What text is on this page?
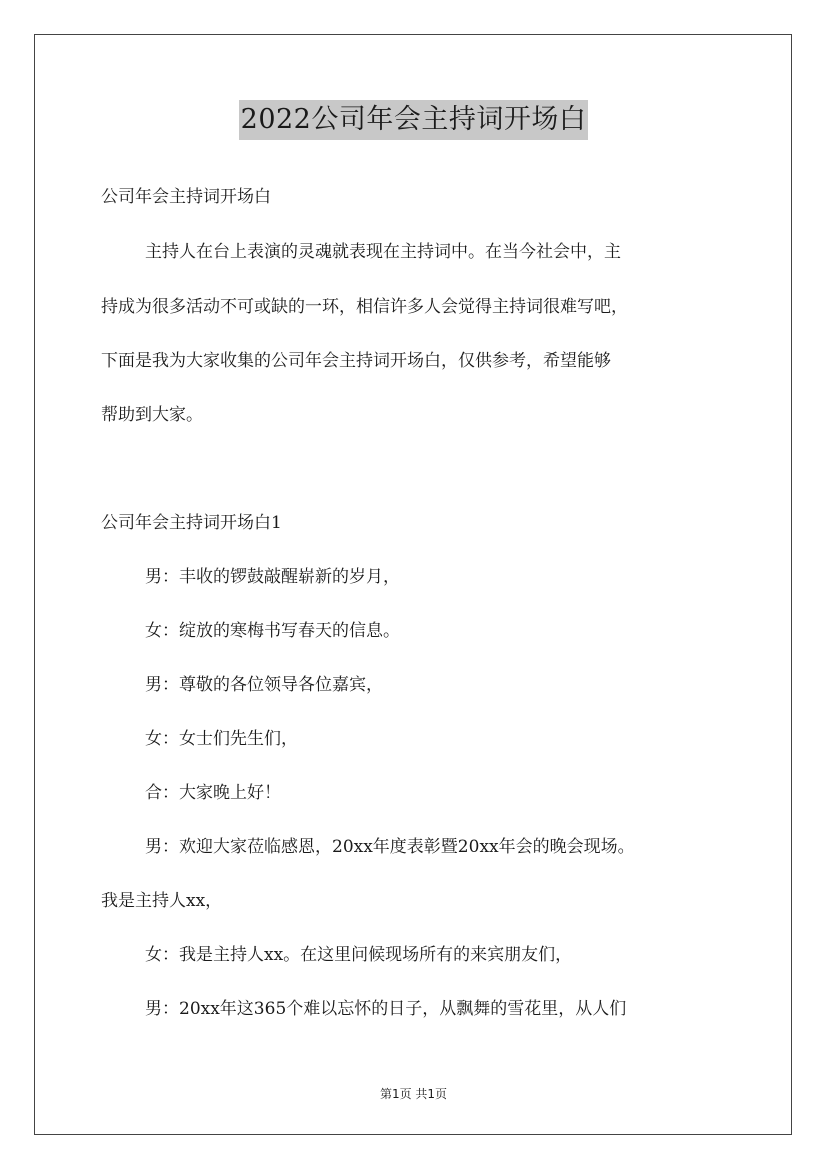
2022公司年会主持词开场白
公司年会主持词开场白
主持人在台上表演的灵魂就表现在主持词中。在当今社会中，主
持成为很多活动不可或缺的一环，相信许多人会觉得主持词很难写吧，
下面是我为大家收集的公司年会主持词开场白，仅供参考，希望能够
帮助到大家。
公司年会主持词开场白1
男：丰收的锣鼓敲醒崭新的岁月，
女：绽放的寒梅书写春天的信息。
男：尊敬的各位领导各位嘉宾，
女：女士们先生们，
合：大家晚上好！
男：欢迎大家莅临感恩，20xx年度表彰暨20xx年会的晚会现场。
我是主持人xx，
女：我是主持人xx。在这里问候现场所有的来宾朋友们，
男：20xx年这365个难以忘怀的日子，从飘舞的雪花里，从人们
第1页 共1页
